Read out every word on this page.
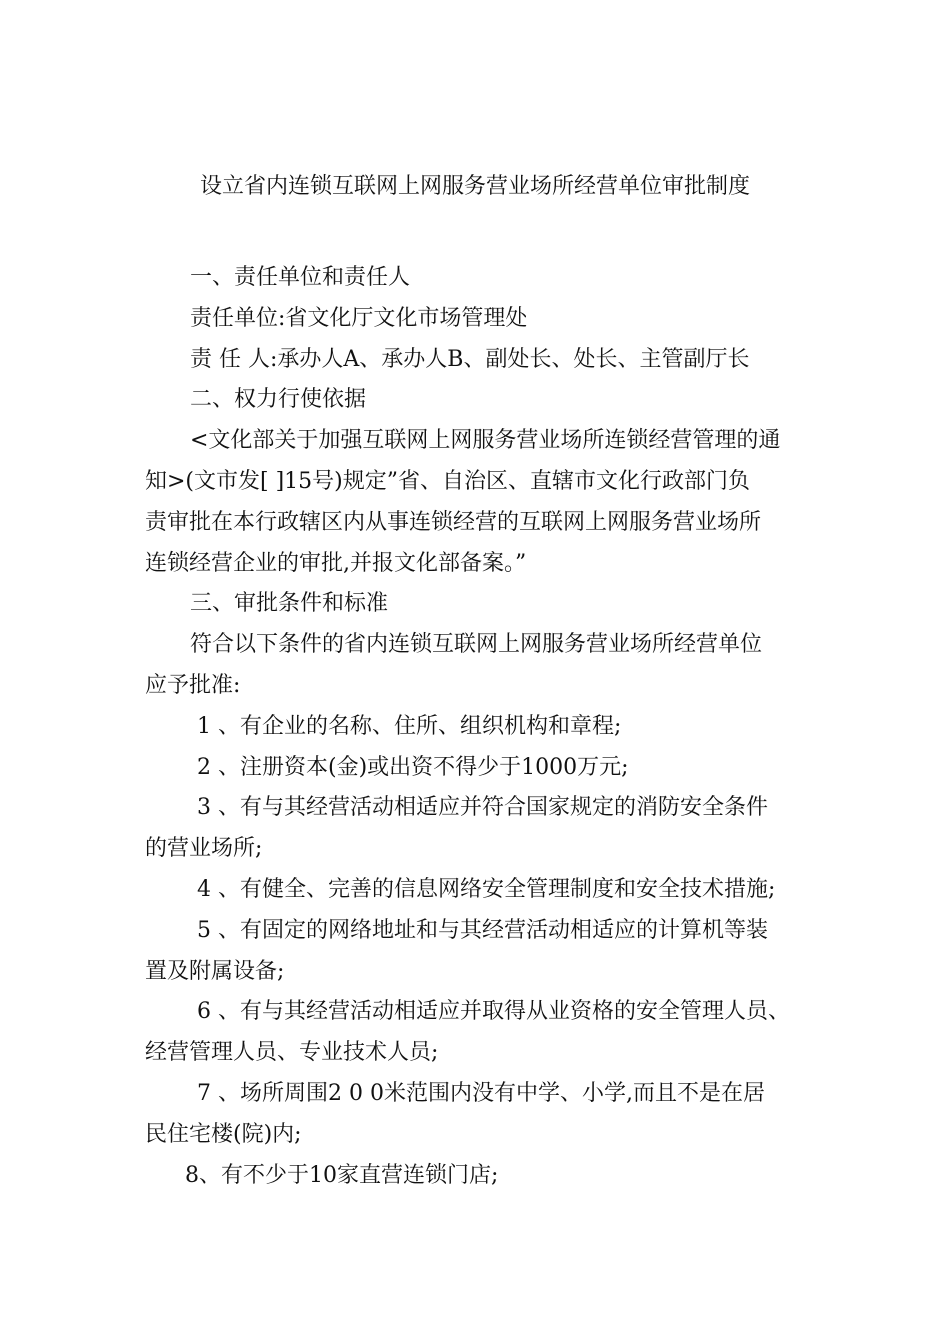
设立省内连锁互联网上网服务营业场所经营单位审批制度
一、责任单位和责任人
责任单位:省文化厅文化市场管理处
责 任 人:承办人A、承办人B、副处长、处长、主管副厅长
二、权力行使依据
<文化部关于加强互联网上网服务营业场所连锁经营管理的通
知>(文市发[ ]15号)规定”省、自治区、直辖市文化行政部门负
责审批在本行政辖区内从事连锁经营的互联网上网服务营业场所
连锁经营企业的审批,并报文化部备案。”
三、审批条件和标准
符合以下条件的省内连锁互联网上网服务营业场所经营单位
应予批准:
1 、有企业的名称、住所、组织机构和章程;
2 、注册资本(金)或出资不得少于1000万元;
3 、有与其经营活动相适应并符合国家规定的消防安全条件
的营业场所;
4 、有健全、完善的信息网络安全管理制度和安全技术措施;
5 、有固定的网络地址和与其经营活动相适应的计算机等装
置及附属设备;
6 、有与其经营活动相适应并取得从业资格的安全管理人员、
经营管理人员、专业技术人员;
7 、场所周围2 0 0米范围内没有中学、小学,而且不是在居
民住宅楼(院)内;
8、有不少于10家直营连锁门店;
